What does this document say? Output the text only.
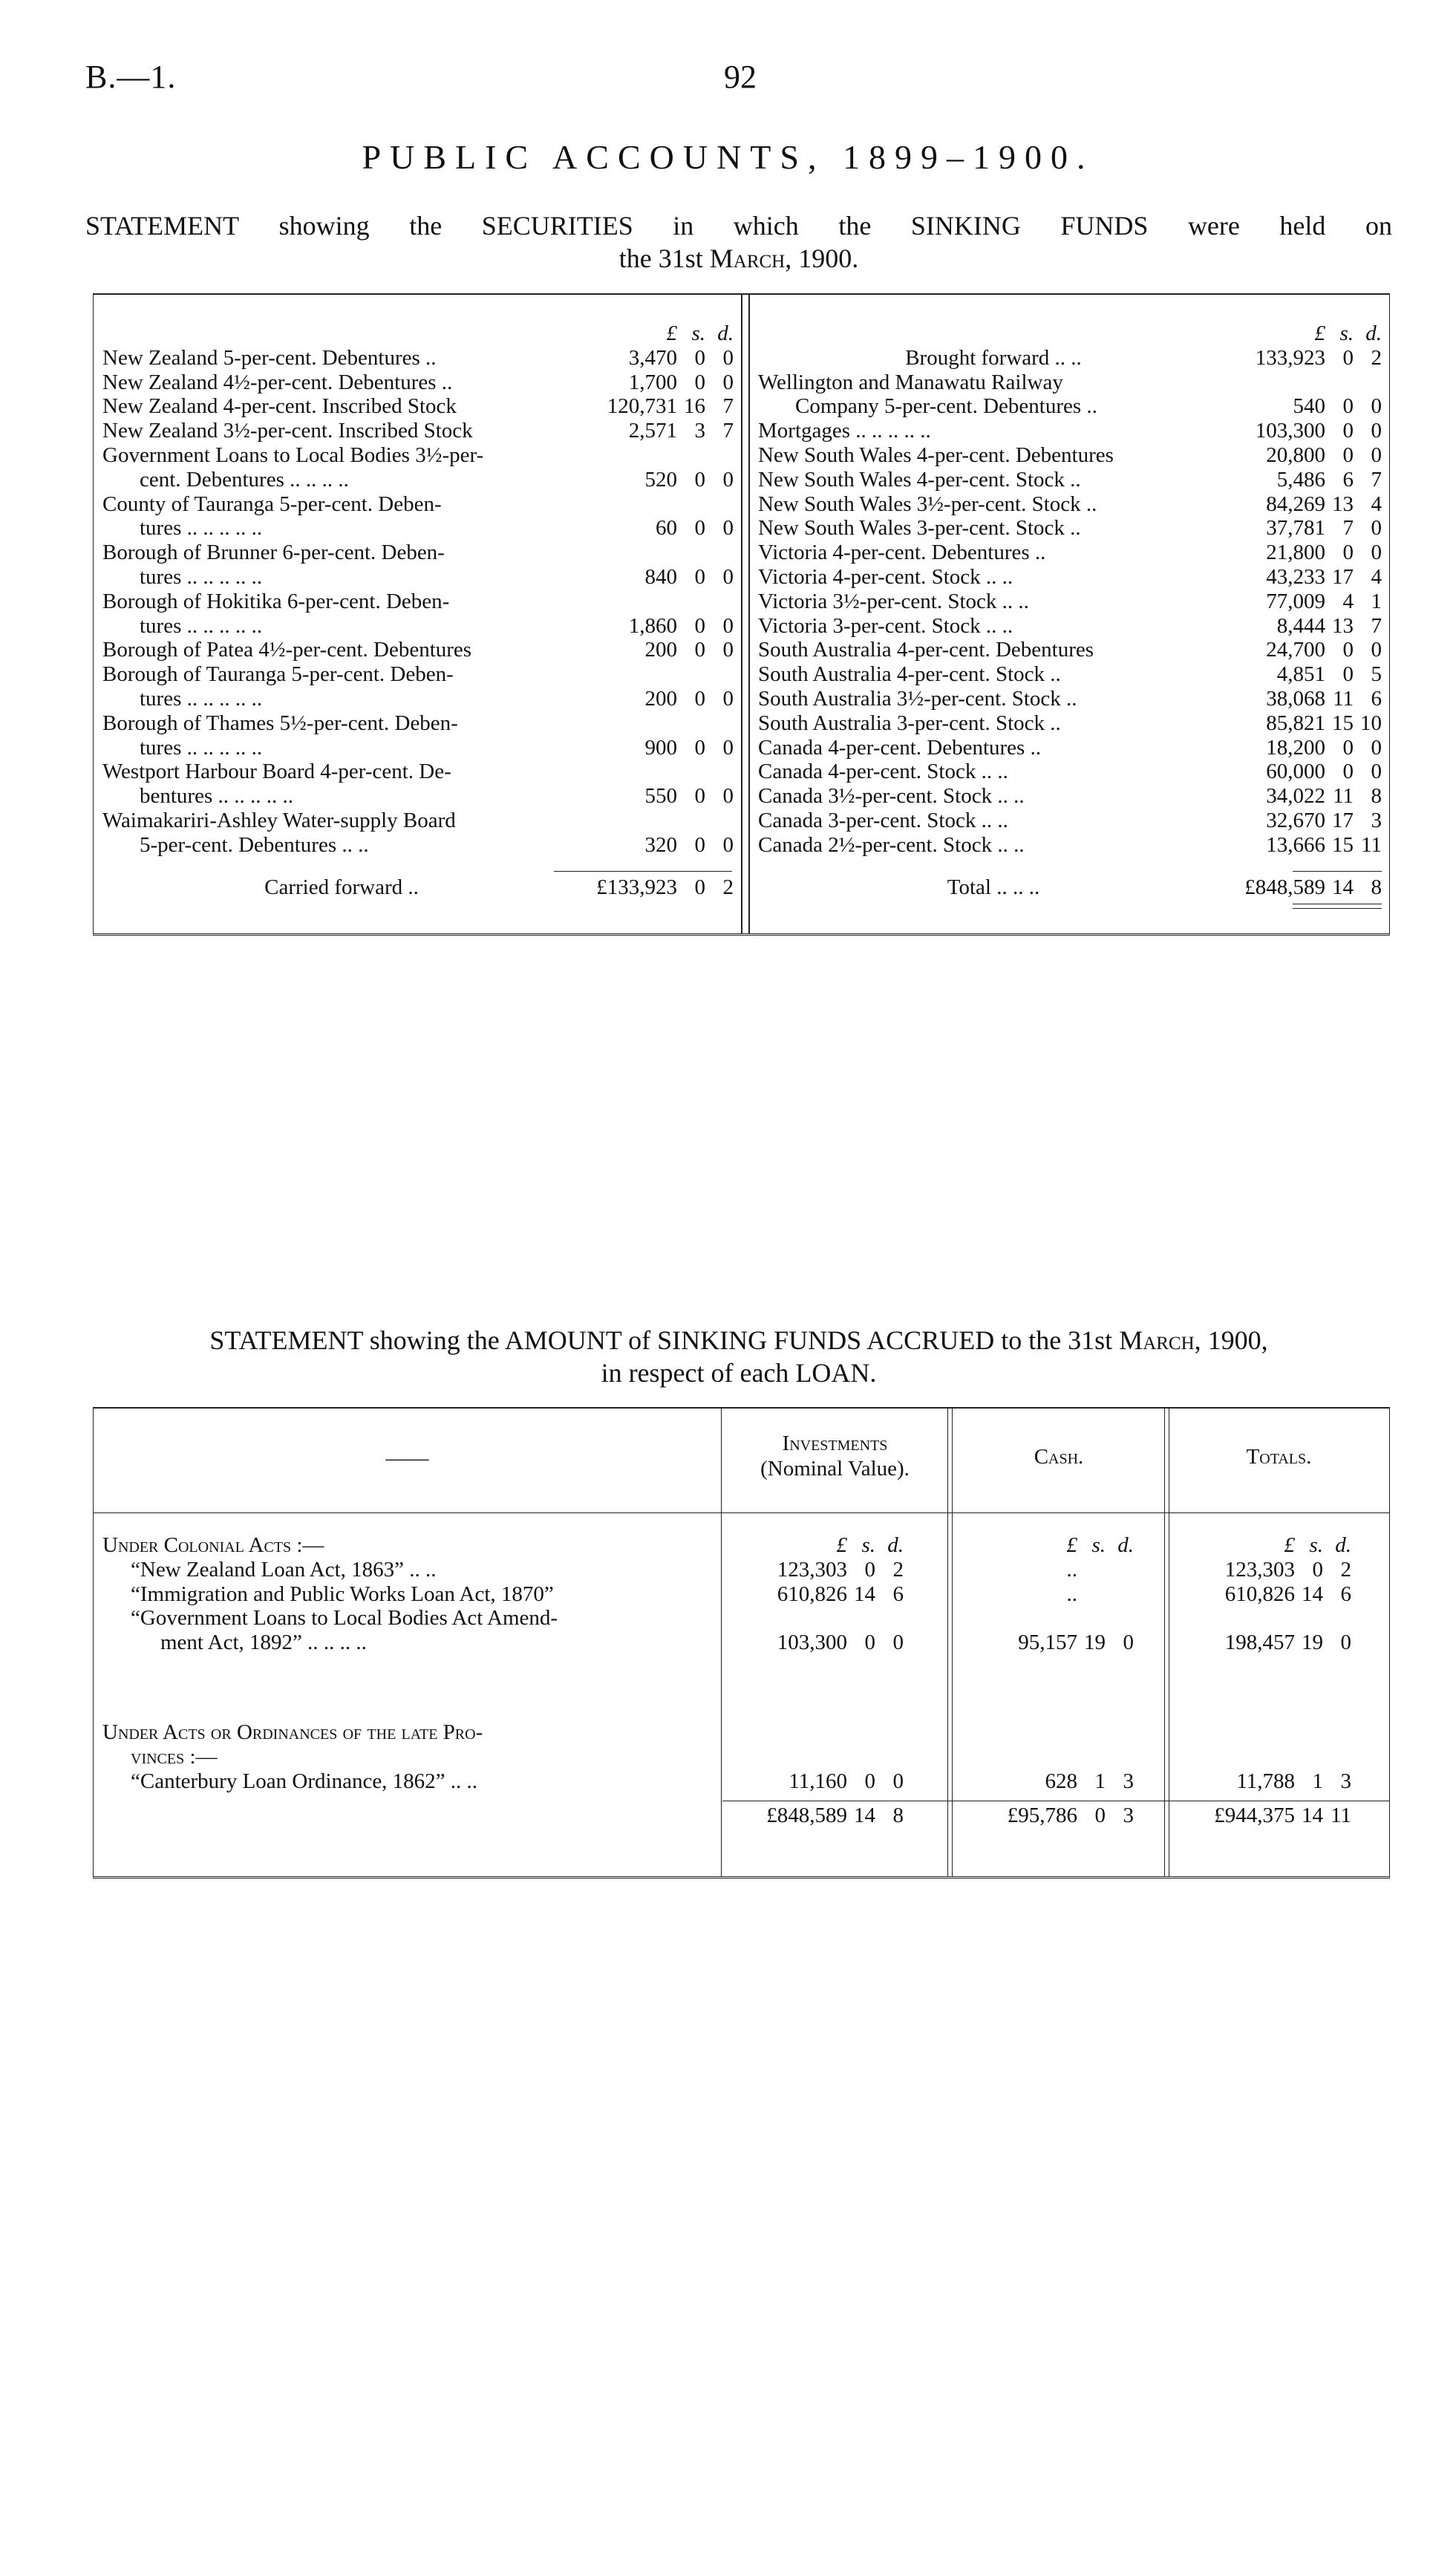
B.—1.	92
PUBLIC ACCOUNTS, 1899–1900.
STATEMENT showing the SECURITIES in which the SINKING FUNDS were held on
the 31st March, 1900.
£ s. d.
New Zealand 5-per-cent. Debentures ..	3,470 0 0
New Zealand 4½-per-cent. Debentures ..	1,700 0 0
New Zealand 4-per-cent. Inscribed Stock	120,731 16 7
New Zealand 3½-per-cent. Inscribed Stock	2,571 3 7
Government Loans to Local Bodies 3½-per-
cent. Debentures .. .. .. ..	520 0 0
County of Tauranga 5-per-cent. Deben-
tures .. .. .. .. ..	60 0 0
Borough of Brunner 6-per-cent. Deben-
tures .. .. .. .. ..	840 0 0
Borough of Hokitika 6-per-cent. Deben-
tures .. .. .. .. ..	1,860 0 0
Borough of Patea 4½-per-cent. Debentures	200 0 0
Borough of Tauranga 5-per-cent. Deben-
tures .. .. .. .. ..	200 0 0
Borough of Thames 5½-per-cent. Deben-
tures .. .. .. .. ..	900 0 0
Westport Harbour Board 4-per-cent. De-
bentures .. .. .. .. ..	550 0 0
Waimakariri-Ashley Water-supply Board
5-per-cent. Debentures .. ..	320 0 0
£ s. d.
Brought forward .. ..	133,923 0 2
Wellington and Manawatu Railway
Company 5-per-cent. Debentures ..	540 0 0
Mortgages .. .. .. .. ..	103,300 0 0
New South Wales 4-per-cent. Debentures	20,800 0 0
New South Wales 4-per-cent. Stock ..	5,486 6 7
New South Wales 3½-per-cent. Stock ..	84,269 13 4
New South Wales 3-per-cent. Stock ..	37,781 7 0
Victoria 4-per-cent. Debentures ..	21,800 0 0
Victoria 4-per-cent. Stock .. ..	43,233 17 4
Victoria 3½-per-cent. Stock .. ..	77,009 4 1
Victoria 3-per-cent. Stock .. ..	8,444 13 7
South Australia 4-per-cent. Debentures	24,700 0 0
South Australia 4-per-cent. Stock ..	4,851 0 5
South Australia 3½-per-cent. Stock ..	38,068 11 6
South Australia 3-per-cent. Stock ..	85,821 15 10
Canada 4-per-cent. Debentures ..	18,200 0 0
Canada 4-per-cent. Stock .. ..	60,000 0 0
Canada 3½-per-cent. Stock .. ..	34,022 11 8
Canada 3-per-cent. Stock .. ..	32,670 17 3
Canada 2½-per-cent. Stock .. ..	13,666 15 11
Carried forward ..	£133,923 0 2	Total .. .. ..	£848,589 14 8
STATEMENT showing the AMOUNT of SINKING FUNDS ACCRUED to the 31st March, 1900,
in respect of each LOAN.
——
Investments
(Nominal Value).	Cash.	Totals.
Under Colonial Acts :—	£ s. d.	£ s. d.	£ s. d.
“New Zealand Loan Act, 1863” .. ..	123,303 0 2	..	123,303 0 2
“Immigration and Public Works Loan Act, 1870”	610,826 14 6	..	610,826 14 6
“Government Loans to Local Bodies Act Amend-
ment Act, 1892” .. .. .. ..	103,300 0 0	95,157 19 0	198,457 19 0
Under Acts or Ordinances of the late Pro-
vinces :—
“Canterbury Loan Ordinance, 1862” .. ..	11,160 0 0	628 1 3	11,788 1 3
£848,589 14 8	£95,786 0 3	£944,375 14 11
